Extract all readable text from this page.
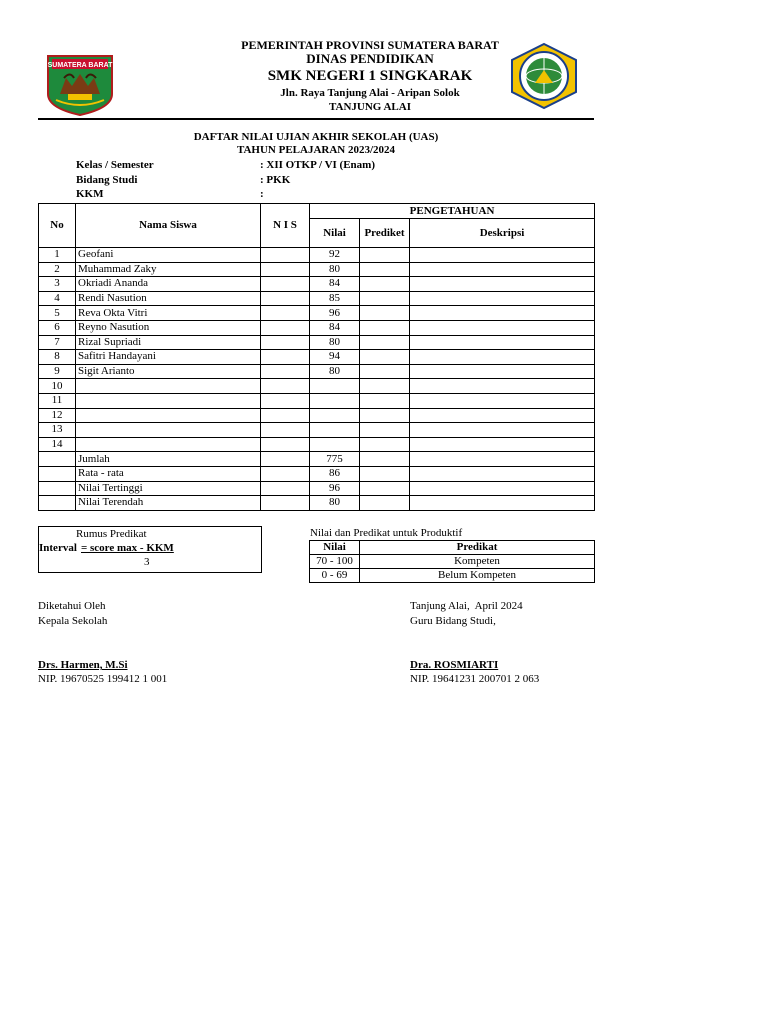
SUMATERA BARAT
PEMERINTAH PROVINSI SUMATERA BARAT
DINAS PENDIDIKAN
SMK NEGERI 1 SINGKARAK
Jln. Raya Tanjung Alai - Aripan Solok
TANJUNG ALAI
DAFTAR NILAI UJIAN AKHIR SEKOLAH (UAS)
TAHUN PELAJARAN 2023/2024
Kelas / Semester	: XII OTKP / VI (Enam)
Bidang Studi	: PKK
KKM	:
No	Nama Siswa	N I S	PENGETAHUAN		
			Nilai	Prediket	Deskripsi
1	Geofani		92		
2	Muhammad Zaky		80		
3	Okriadi Ananda		84		
4	Rendi Nasution		85		
5	Reva Okta Vitri		96		
6	Reyno Nasution		84		
7	Rizal Supriadi		80		
8	Safitri Handayani		94		
9	Sigit Arianto		80		
10					
11					
12					
13					
14					
	Jumlah		775		
	Rata - rata		86		
	Nilai Tertinggi		96		
	Nilai Terendah		80		
Rumus Predikat
Interval = score max - KKM
3
Nilai dan Predikat untuk Produktif
Nilai	Predikat
70 - 100	Kompeten
0 - 69	Belum Kompeten
Diketahui Oleh
Kepala Sekolah
Drs. Harmen, M.Si
NIP. 19670525 199412 1 001
Tanjung Alai,  April 2024
Guru Bidang Studi,
Dra. ROSMIARTI
NIP. 19641231 200701 2 063
